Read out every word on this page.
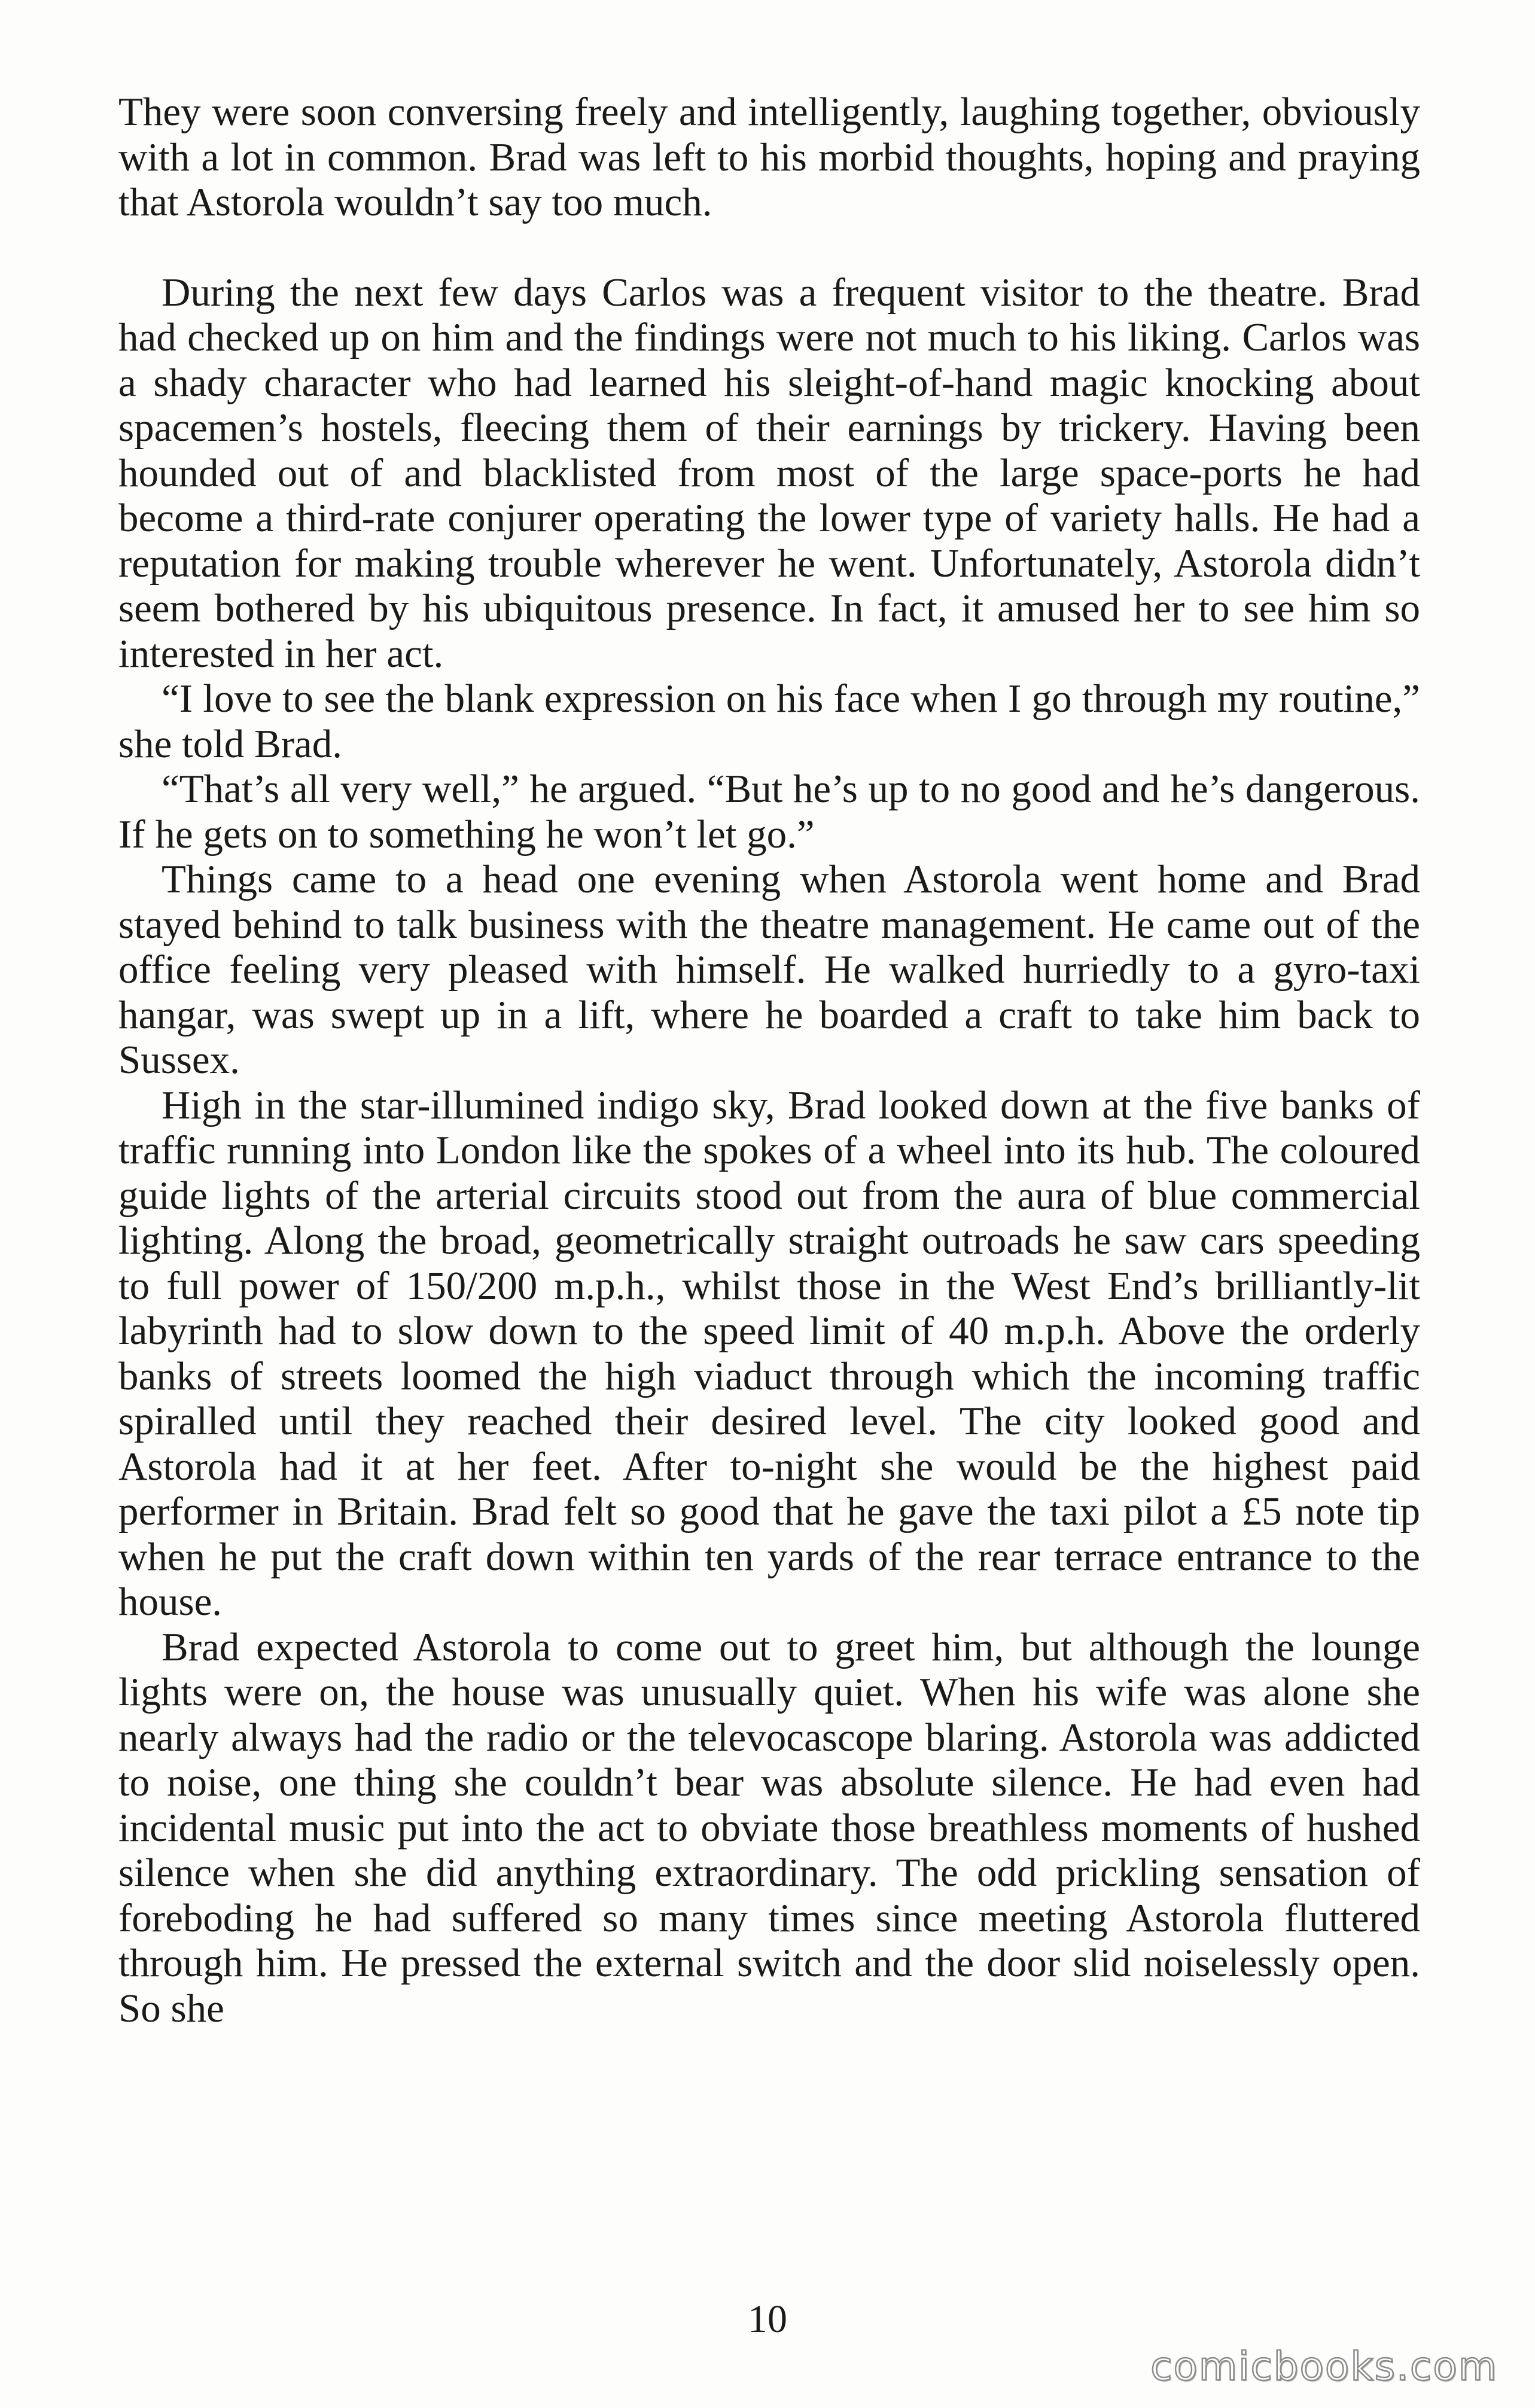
They were soon conversing freely and intelligently, laughing together, obviously with a lot in common. Brad was left to his morbid thoughts, hoping and praying that Astorola wouldn’t say too much.

During the next few days Carlos was a frequent visitor to the theatre. Brad had checked up on him and the findings were not much to his liking. Carlos was a shady character who had learned his sleight-of-hand magic knocking about spacemen’s hostels, fleecing them of their earnings by trickery. Having been hounded out of and blacklisted from most of the large space-ports he had become a third-rate conjurer operating the lower type of variety halls. He had a reputation for making trouble wherever he went. Unfortunately, Astorola didn’t seem bothered by his ubiquitous presence. In fact, it amused her to see him so interested in her act.

“I love to see the blank expression on his face when I go through my routine,” she told Brad.

“That’s all very well,” he argued. “But he’s up to no good and he’s dangerous. If he gets on to something he won’t let go.”

Things came to a head one evening when Astorola went home and Brad stayed behind to talk business with the theatre management. He came out of the office feeling very pleased with himself. He walked hurriedly to a gyro-taxi hangar, was swept up in a lift, where he boarded a craft to take him back to Sussex.

High in the star-illumined indigo sky, Brad looked down at the five banks of traffic running into London like the spokes of a wheel into its hub. The coloured guide lights of the arterial circuits stood out from the aura of blue commercial lighting. Along the broad, geometrically straight outroads he saw cars speeding to full power of 150/200 m.p.h., whilst those in the West End’s brilliantly-lit labyrinth had to slow down to the speed limit of 40 m.p.h. Above the orderly banks of streets loomed the high viaduct through which the incoming traffic spiralled until they reached their desired level. The city looked good and Astorola had it at her feet. After to-night she would be the highest paid performer in Britain. Brad felt so good that he gave the taxi pilot a £5 note tip when he put the craft down within ten yards of the rear terrace entrance to the house.

Brad expected Astorola to come out to greet him, but although the lounge lights were on, the house was unusually quiet. When his wife was alone she nearly always had the radio or the televocascope blaring. Astorola was addicted to noise, one thing she couldn’t bear was absolute silence. He had even had incidental music put into the act to obviate those breathless moments of hushed silence when she did anything extraordinary. The odd prickling sensation of foreboding he had suffered so many times since meeting Astorola fluttered through him. He pressed the external switch and the door slid noiselessly open. So she

10
comicbooks.com
